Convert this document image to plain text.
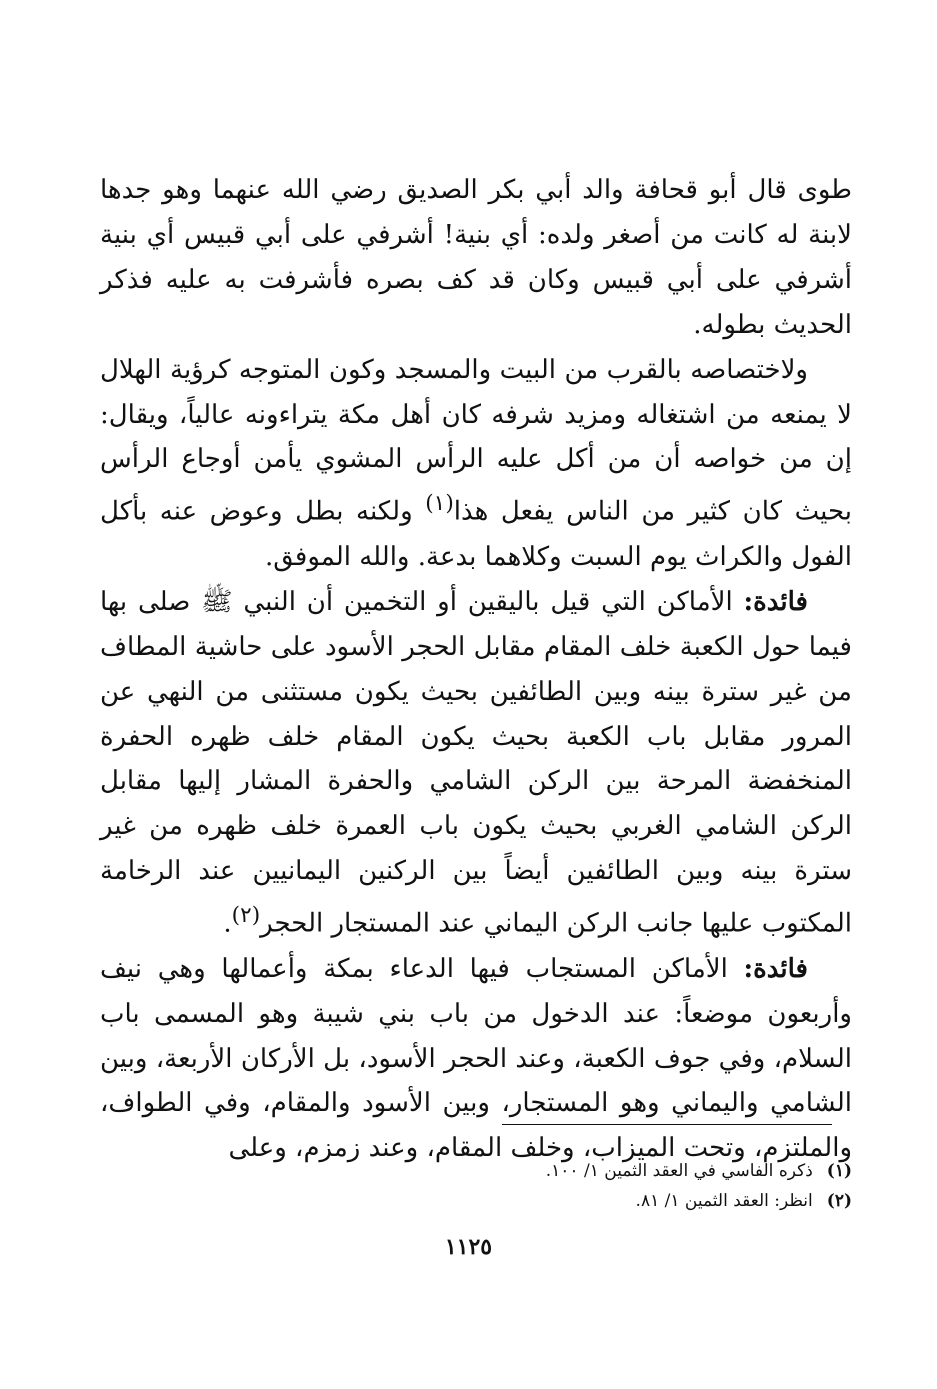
طوى قال أبو قحافة والد أبي بكر الصديق رضي الله عنهما وهو جدها لابنة له كانت من أصغر ولده: أي بنية! أشرفي على أبي قبيس أي بنية أشرفي على أبي قبيس وكان قد كف بصره فأشرفت به عليه فذكر الحديث بطوله.

ولاختصاصه بالقرب من البيت والمسجد وكون المتوجه كرؤية الهلال لا يمنعه من اشتغاله ومزيد شرفه كان أهل مكة يتراءونه عالياً، ويقال: إن من خواصه أن من أكل عليه الرأس المشوي يأمن أوجاع الرأس بحيث كان كثير من الناس يفعل هذا$^{(١)}$ ولكنه بطل وعوض عنه بأكل الفول والكراث يوم السبت وكلاهما بدعة. والله الموفق.

فائدة: الأماكن التي قيل باليقين أو التخمين أن النبي ﷺ صلى بها فيما حول الكعبة خلف المقام مقابل الحجر الأسود على حاشية المطاف من غير سترة بينه وبين الطائفين بحيث يكون مستثنى من النهي عن المرور مقابل باب الكعبة بحيث يكون المقام خلف ظهره الحفرة المنخفضة المرحة بين الركن الشامي والحفرة المشار إليها مقابل الركن الشامي الغربي بحيث يكون باب العمرة خلف ظهره من غير سترة بينه وبين الطائفين أيضاً بين الركنين اليمانيين عند الرخامة المكتوب عليها جانب الركن اليماني عند المستجار الحجر$^{(٢)}$.

فائدة: الأماكن المستجاب فيها الدعاء بمكة وأعمالها وهي نيف وأربعون موضعاً: عند الدخول من باب بني شيبة وهو المسمى باب السلام، وفي جوف الكعبة، وعند الحجر الأسود، بل الأركان الأربعة، وبين الشامي واليماني وهو المستجار، وبين الأسود والمقام، وفي الطواف، والملتزم، وتحت الميزاب، وخلف المقام، وعند زمزم، وعلى

(١)ذكره الفاسي في العقد الثمين ١/ ١٠٠.

(٢)انظر: العقد الثمين ١/ ٨١.

١١٢٥
